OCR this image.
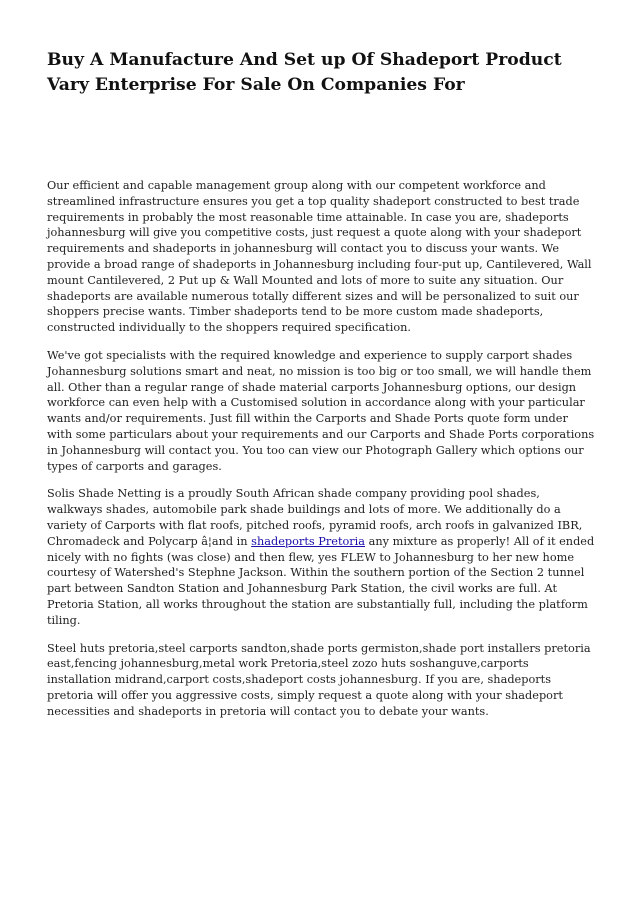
Buy A Manufacture And Set up Of Shadeport Product Vary Enterprise For Sale On Companies For

Our efficient and capable management group along with our competent workforce and streamlined infrastructure ensures you get a top quality shadeport constructed to best trade requirements in probably the most reasonable time attainable. In case you are, shadeports johannesburg will give you competitive costs, just request a quote along with your shadeport requirements and shadeports in johannesburg will contact you to discuss your wants. We provide a broad range of shadeports in Johannesburg including four-put up, Cantilevered, Wall mount Cantilevered, 2 Put up & Wall Mounted and lots of more to suite any situation. Our shadeports are available numerous totally different sizes and will be personalized to suit our shoppers precise wants. Timber shadeports tend to be more custom made shadeports, constructed individually to the shoppers required specification.

We've got specialists with the required knowledge and experience to supply carport shades Johannesburg solutions smart and neat, no mission is too big or too small, we will handle them all. Other than a regular range of shade material carports Johannesburg options, our design workforce can even help with a Customised solution in accordance along with your particular wants and/or requirements. Just fill within the Carports and Shade Ports quote form under with some particulars about your requirements and our Carports and Shade Ports corporations in Johannesburg will contact you. You too can view our Photograph Gallery which options our types of carports and garages.

Solis Shade Netting is a proudly South African shade company providing pool shades, walkways shades, automobile park shade buildings and lots of more. We additionally do a variety of Carports with flat roofs, pitched roofs, pyramid roofs, arch roofs in galvanized IBR, Chromadeck and Polycarp â¦and in shadeports Pretoria any mixture as properly! All of it ended nicely with no fights (was close) and then flew, yes FLEW to Johannesburg to her new home courtesy of Watershed's Stephne Jackson. Within the southern portion of the Section 2 tunnel part between Sandton Station and Johannesburg Park Station, the civil works are full. At Pretoria Station, all works throughout the station are substantially full, including the platform tiling.

Steel huts pretoria,steel carports sandton,shade ports germiston,shade port installers pretoria east,fencing johannesburg,metal work Pretoria,steel zozo huts soshanguve,carports installation midrand,carport costs,shadeport costs johannesburg. If you are, shadeports pretoria will offer you aggressive costs, simply request a quote along with your shadeport necessities and shadeports in pretoria will contact you to debate your wants.
